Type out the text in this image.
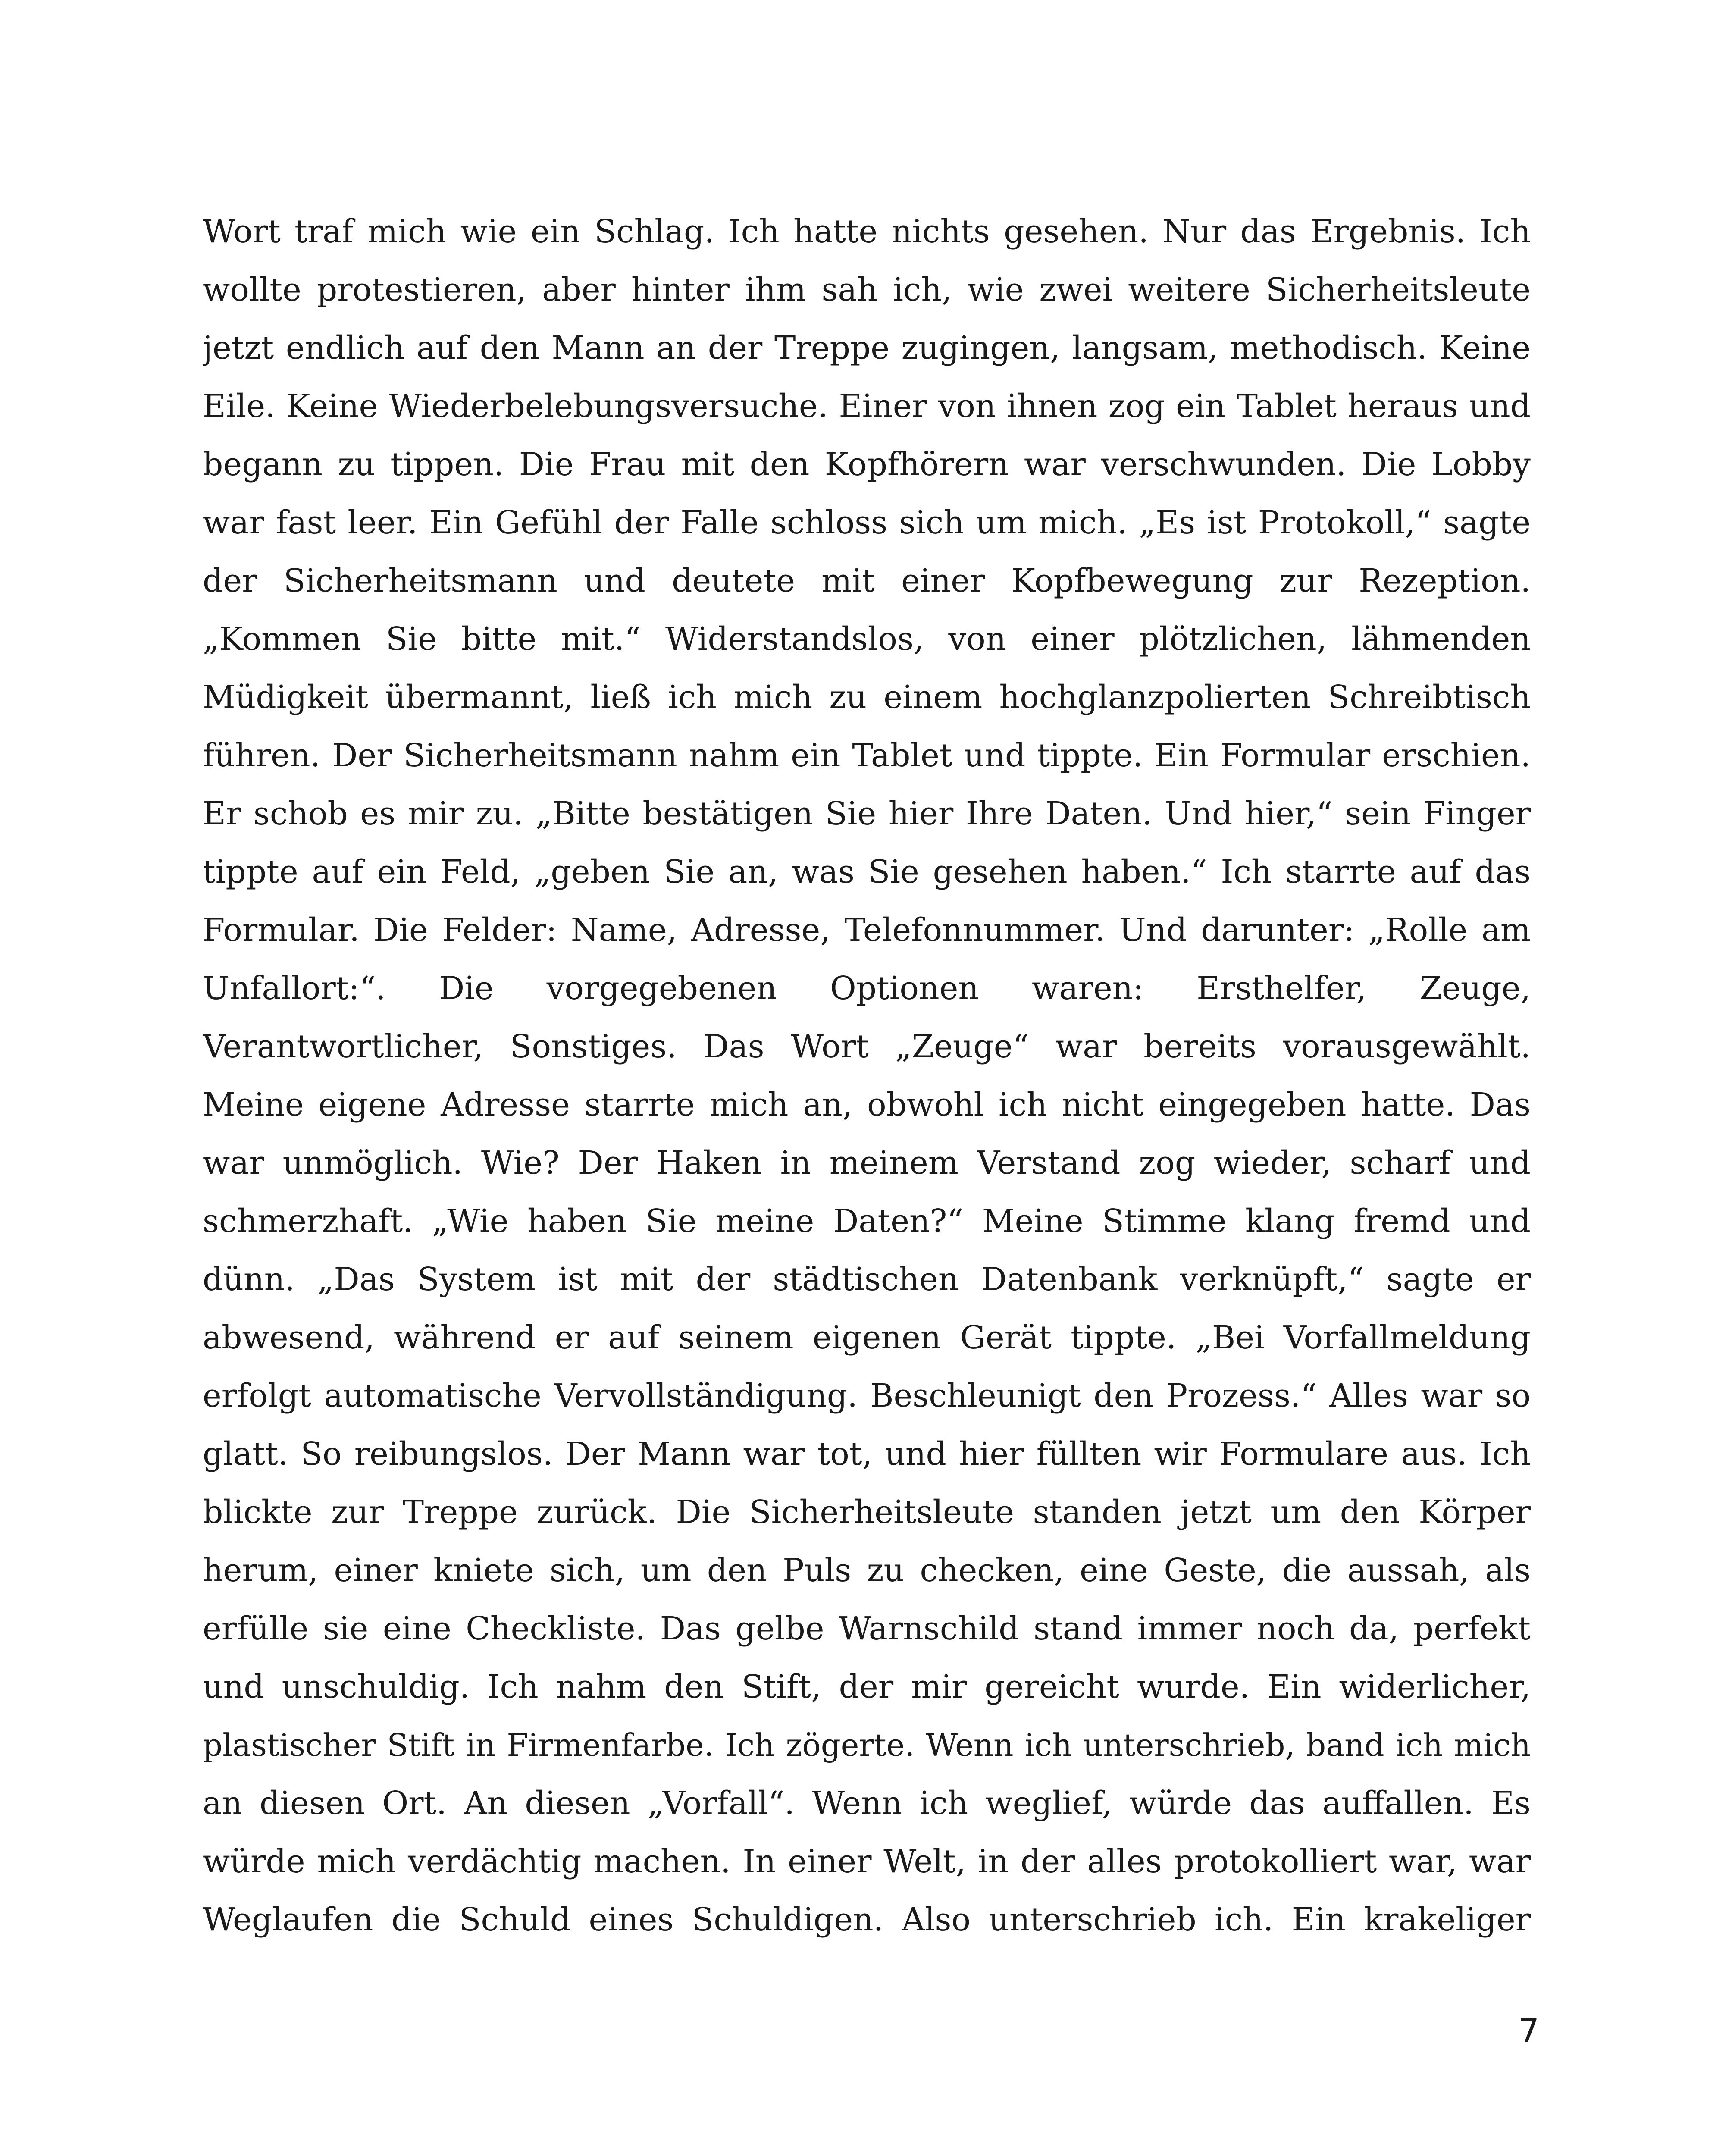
Wort traf mich wie ein Schlag. Ich hatte nichts gesehen. Nur das Ergebnis. Ich
wollte protestieren, aber hinter ihm sah ich, wie zwei weitere Sicherheitsleute
jetzt endlich auf den Mann an der Treppe zugingen, langsam, methodisch. Keine
Eile. Keine Wiederbelebungsversuche. Einer von ihnen zog ein Tablet heraus und
begann zu tippen. Die Frau mit den Kopfhörern war verschwunden. Die Lobby
war fast leer. Ein Gefühl der Falle schloss sich um mich. „Es ist Protokoll,“ sagte
der Sicherheitsmann und deutete mit einer Kopfbewegung zur Rezeption.
„Kommen Sie bitte mit.“ Widerstandslos, von einer plötzlichen, lähmenden
Müdigkeit übermannt, ließ ich mich zu einem hochglanzpolierten Schreibtisch
führen. Der Sicherheitsmann nahm ein Tablet und tippte. Ein Formular erschien.
Er schob es mir zu. „Bitte bestätigen Sie hier Ihre Daten. Und hier,“ sein Finger
tippte auf ein Feld, „geben Sie an, was Sie gesehen haben.“ Ich starrte auf das
Formular. Die Felder: Name, Adresse, Telefonnummer. Und darunter: „Rolle am
Unfallort:“. Die vorgegebenen Optionen waren: Ersthelfer, Zeuge,
Verantwortlicher, Sonstiges. Das Wort „Zeuge“ war bereits vorausgewählt.
Meine eigene Adresse starrte mich an, obwohl ich nicht eingegeben hatte. Das
war unmöglich. Wie? Der Haken in meinem Verstand zog wieder, scharf und
schmerzhaft. „Wie haben Sie meine Daten?“ Meine Stimme klang fremd und
dünn. „Das System ist mit der städtischen Datenbank verknüpft,“ sagte er
abwesend, während er auf seinem eigenen Gerät tippte. „Bei Vorfallmeldung
erfolgt automatische Vervollständigung. Beschleunigt den Prozess.“ Alles war so
glatt. So reibungslos. Der Mann war tot, und hier füllten wir Formulare aus. Ich
blickte zur Treppe zurück. Die Sicherheitsleute standen jetzt um den Körper
herum, einer kniete sich, um den Puls zu checken, eine Geste, die aussah, als
erfülle sie eine Checkliste. Das gelbe Warnschild stand immer noch da, perfekt
und unschuldig. Ich nahm den Stift, der mir gereicht wurde. Ein widerlicher,
plastischer Stift in Firmenfarbe. Ich zögerte. Wenn ich unterschrieb, band ich mich
an diesen Ort. An diesen „Vorfall“. Wenn ich weglief, würde das auffallen. Es
würde mich verdächtig machen. In einer Welt, in der alles protokolliert war, war
Weglaufen die Schuld eines Schuldigen. Also unterschrieb ich. Ein krakeliger
7
